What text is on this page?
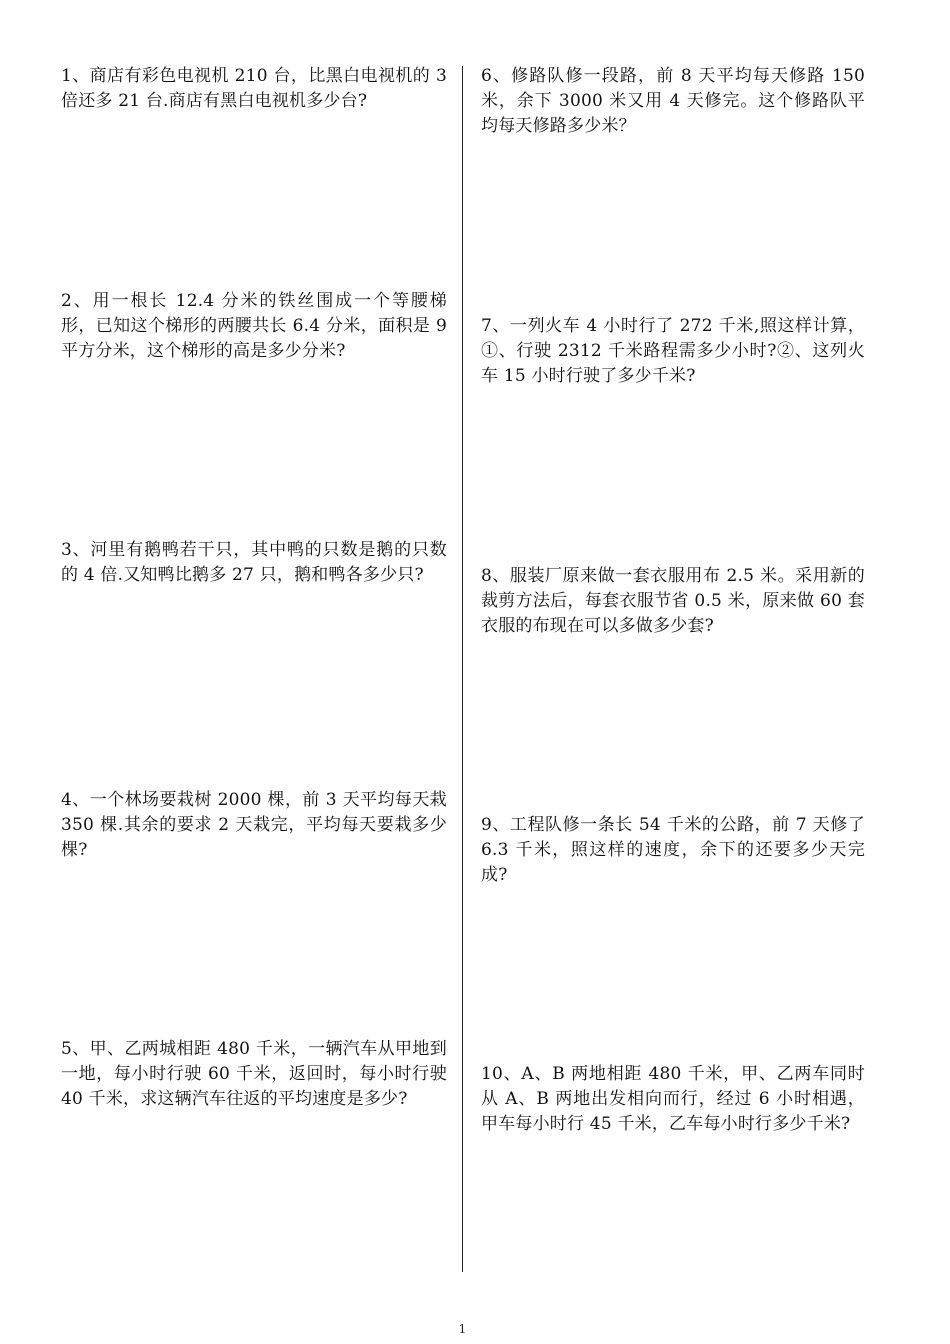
1、商店有彩色电视机 210 台，比黑白电视机的 3 倍还多 21 台.商店有黑白电视机多少台?
2、用一根长 12.4 分米的铁丝围成一个等腰梯形，已知这个梯形的两腰共长 6.4 分米，面积是 9 平方分米，这个梯形的高是多少分米?
3、河里有鹅鸭若干只，其中鸭的只数是鹅的只数的 4 倍.又知鸭比鹅多 27 只，鹅和鸭各多少只?
4、一个林场要栽树 2000 棵，前 3 天平均每天栽 350 棵.其余的要求 2 天栽完，平均每天要栽多少棵?
5、甲、乙两城相距 480 千米，一辆汽车从甲地到一地，每小时行驶 60 千米，返回时，每小时行驶 40 千米，求这辆汽车往返的平均速度是多少?
6、修路队修一段路，前 8 天平均每天修路 150 米，余下 3000 米又用 4 天修完。这个修路队平均每天修路多少米？
7、一列火车 4 小时行了 272 千米,照这样计算，①、行驶 2312 千米路程需多少小时?②、这列火车 15 小时行驶了多少千米?
8、服装厂原来做一套衣服用布 2.5 米。采用新的裁剪方法后，每套衣服节省 0.5 米，原来做 60 套衣服的布现在可以多做多少套?
9、工程队修一条长 54 千米的公路，前 7 天修了 6.3 千米，照这样的速度，余下的还要多少天完成?
10、A、B 两地相距 480 千米，甲、乙两车同时从 A、B 两地出发相向而行，经过 6 小时相遇，甲车每小时行 45 千米，乙车每小时行多少千米?
1
